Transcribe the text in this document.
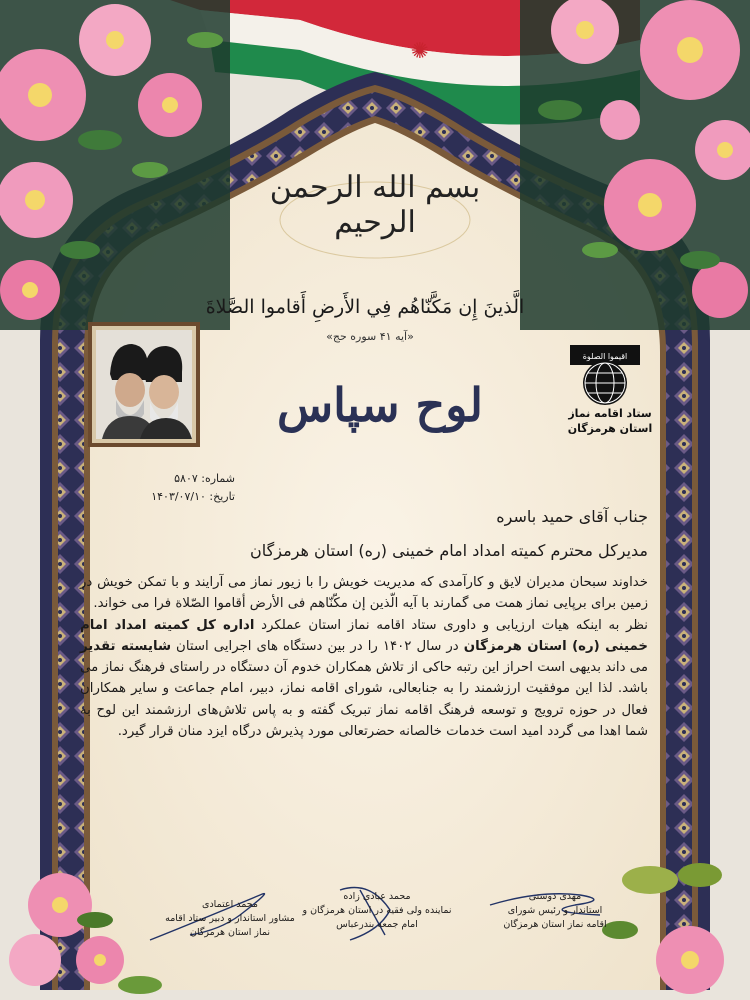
✺
اقیموا الصلوة
بسم الله الرحمن الرحیم
الَّذینَ إِن مَکَّنّاهُم فِي الأَرضِ أَقاموا الصَّلاةَ
«آیه ۴۱ سوره حج»
لوح سپاس	ستاد اقامه نماز
استان هرمزگان
شماره: ۵۸۰۷
تاریخ: ۱۴۰۳/۰۷/۱۰
جناب آقای حمید باسره
مدیرکل محترم کمیته امداد امام خمینی (ره) استان هرمزگان

خداوند سبحان مدیران لایق و کارآمدی که مدیریت خویش را با زیور نماز می آرایند و با تمکن خویش در زمین برای برپایی نماز همت می گمارند با آیه الّذین إن مکّنّاهم فی الأرض أقاموا الصّلاة فرا می خواند.

نظر به اینکه هیات ارزیابی و داوری ستاد اقامه نماز استان عملکرد اداره کل کمیته امداد امام خمینی (ره) استان هرمزگان در سال ۱۴۰۲ را در بین دستگاه های اجرایی استان شایسته تقدیر می داند بدیهی است احراز این رتبه حاکی از تلاش همکاران خدوم آن دستگاه در راستای فرهنگ نماز می باشد. لذا این موفقیت ارزشمند را به جنابعالی، شورای اقامه نماز، دبیر، امام جماعت و سایر همکاران فعال در حوزه ترویج و توسعه فرهنگ اقامه نماز تبریک گفته و به پاس تلاش‌های ارزشمند این لوح به شما اهدا می گردد امید است خدمات خالصانه حضرتعالی مورد پذیرش درگاه ایزد منان قرار گیرد.

مهدی دوستی
استاندار و رئیس شورای
اقامه نماز استان هرمزگان
محمد عبادی زاده
نماینده ولی فقیه در استان هرمزگان و
امام جمعه بندرعباس
محمد اعتمادی
مشاور استاندار و دبیر ستاد اقامه
نماز استان هرمزگان
